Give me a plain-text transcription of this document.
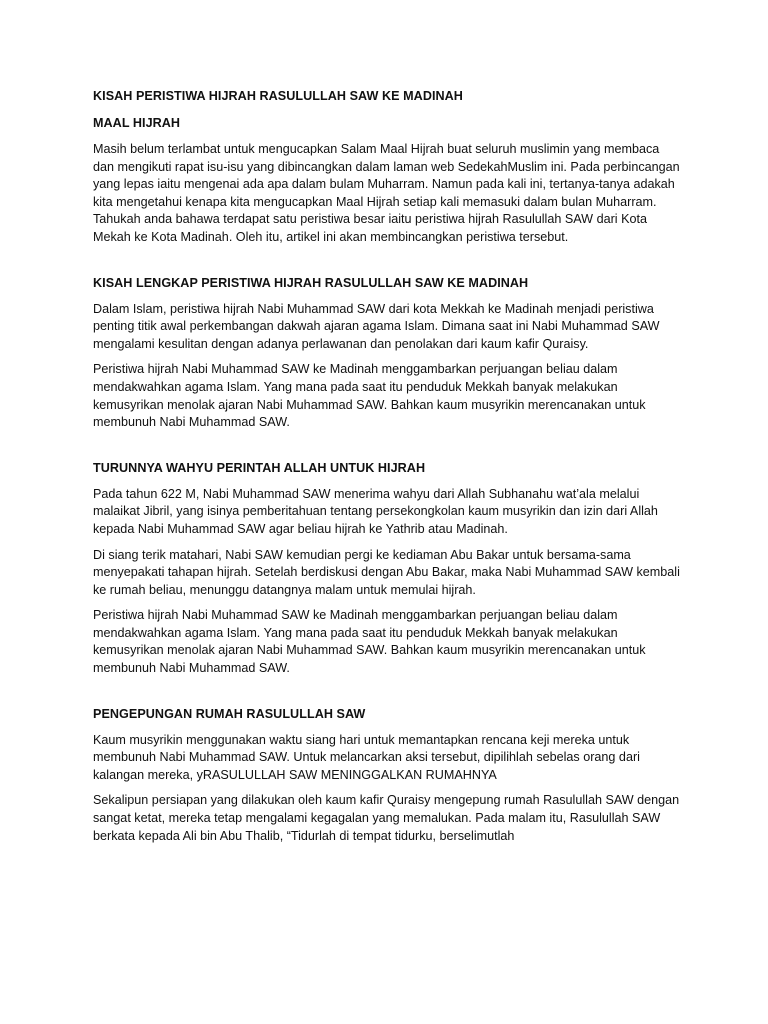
KISAH PERISTIWA HIJRAH RASULULLAH SAW KE MADINAH
MAAL HIJRAH

Masih belum terlambat untuk mengucapkan Salam Maal Hijrah buat seluruh muslimin yang membaca dan mengikuti rapat isu-isu yang dibincangkan dalam laman web SedekahMuslim ini. Pada perbincangan yang lepas iaitu mengenai ada apa dalam bulam Muharram. Namun pada kali ini, tertanya-tanya adakah kita mengetahui kenapa kita mengucapkan Maal Hijrah setiap kali memasuki dalam bulan Muharram. Tahukah anda bahawa terdapat satu peristiwa besar iaitu peristiwa hijrah Rasulullah SAW dari Kota Mekah ke Kota Madinah. Oleh itu, artikel ini akan membincangkan peristiwa tersebut.

KISAH LENGKAP PERISTIWA HIJRAH RASULULLAH SAW KE MADINAH

Dalam Islam, peristiwa hijrah Nabi Muhammad SAW dari kota Mekkah ke Madinah menjadi peristiwa penting titik awal perkembangan dakwah ajaran agama Islam. Dimana saat ini Nabi Muhammad SAW mengalami kesulitan dengan adanya perlawanan dan penolakan dari kaum kafir Quraisy.

Peristiwa hijrah Nabi Muhammad SAW ke Madinah menggambarkan perjuangan beliau dalam mendakwahkan agama Islam. Yang mana pada saat itu penduduk Mekkah banyak melakukan kemusyrikan menolak ajaran Nabi Muhammad SAW. Bahkan kaum musyrikin merencanakan untuk membunuh Nabi Muhammad SAW.

TURUNNYA WAHYU PERINTAH ALLAH UNTUK HIJRAH

Pada tahun 622 M, Nabi Muhammad SAW menerima wahyu dari Allah Subhanahu wat’ala melalui malaikat Jibril, yang isinya pemberitahuan tentang persekongkolan kaum musyrikin dan izin dari Allah kepada Nabi Muhammad SAW agar beliau hijrah ke Yathrib atau Madinah.

Di siang terik matahari, Nabi SAW kemudian pergi ke kediaman Abu Bakar untuk bersama-sama menyepakati tahapan hijrah. Setelah berdiskusi dengan Abu Bakar, maka Nabi Muhammad SAW kembali ke rumah beliau, menunggu datangnya malam untuk memulai hijrah.

Peristiwa hijrah Nabi Muhammad SAW ke Madinah menggambarkan perjuangan beliau dalam mendakwahkan agama Islam. Yang mana pada saat itu penduduk Mekkah banyak melakukan kemusyrikan menolak ajaran Nabi Muhammad SAW. Bahkan kaum musyrikin merencanakan untuk membunuh Nabi Muhammad SAW.

PENGEPUNGAN RUMAH RASULULLAH SAW

Kaum musyrikin menggunakan waktu siang hari untuk memantapkan rencana keji mereka untuk membunuh Nabi Muhammad SAW. Untuk melancarkan aksi tersebut, dipilihlah sebelas orang dari kalangan mereka, yRASULULLAH SAW MENINGGALKAN RUMAHNYA

Sekalipun persiapan yang dilakukan oleh kaum kafir Quraisy mengepung rumah Rasulullah SAW dengan sangat ketat, mereka tetap mengalami kegagalan yang memalukan. Pada malam itu, Rasulullah SAW berkata kepada Ali bin Abu Thalib, “Tidurlah di tempat tidurku, berselimutlah
